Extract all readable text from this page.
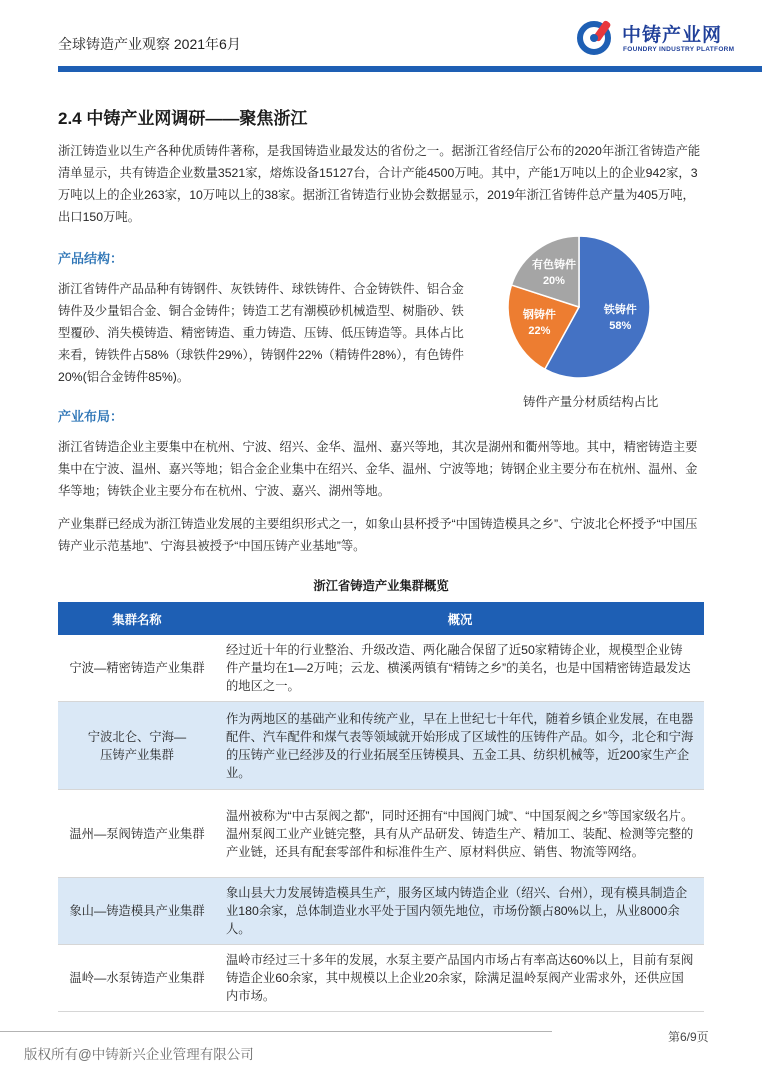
全球铸造产业观察 2021年6月	中铸产业网
FOUNDRY INDUSTRY PLATFORM
2.4 中铸产业网调研——聚焦浙江

浙江铸造业以生产各种优质铸件著称，是我国铸造业最发达的省份之一。据浙江省经信厅公布的2020年浙江省铸造产能清单显示，共有铸造企业数量3521家，熔炼设备15127台，合计产能4500万吨。其中，产能1万吨以上的企业942家，3万吨以上的企业263家，10万吨以上的38家。据浙江省铸造行业协会数据显示，2019年浙江省铸件总产量为405万吨，出口150万吨。

产品结构：

浙江省铸件产品品种有铸钢件、灰铁铸件、球铁铸件、合金铸铁件、铝合金铸件及少量铝合金、铜合金铸件；铸造工艺有潮模砂机械造型、树脂砂、铁型覆砂、消失模铸造、精密铸造、重力铸造、压铸、低压铸造等。具体占比来看，铸铁件占58%（球铁件29%），铸钢件22%（精铸件28%），有色铸件20%(铝合金铸件85%)。

铁铸件
58%
钢铸件
22%
有色铸件
20%
铸件产量分材质结构占比
产业布局：

浙江省铸造企业主要集中在杭州、宁波、绍兴、金华、温州、嘉兴等地，其次是湖州和衢州等地。其中，精密铸造主要集中在宁波、温州、嘉兴等地；铝合金企业集中在绍兴、金华、温州、宁波等地；铸钢企业主要分布在杭州、温州、金华等地；铸铁企业主要分布在杭州、宁波、嘉兴、湖州等地。

产业集群已经成为浙江铸造业发展的主要组织形式之一，如象山县杯授予“中国铸造模具之乡”、宁波北仑杯授予“中国压铸产业示范基地”、宁海县被授予“中国压铸产业基地”等。

浙江省铸造产业集群概览
集群名称	概况
宁波—精密铸造产业集群	经过近十年的行业整治、升级改造、两化融合保留了近50家精铸企业，规模型企业铸件产量均在1—2万吨；云龙、横溪两镇有“精铸之乡”的美名，也是中国精密铸造最发达的地区之一。
宁波北仑、宁海—
压铸产业集群	作为两地区的基础产业和传统产业，早在上世纪七十年代，随着乡镇企业发展，在电器配件、汽车配件和煤气表等领域就开始形成了区域性的压铸件产品。如今，北仑和宁海的压铸产业已经涉及的行业拓展至压铸模具、五金工具、纺织机械等，近200家生产企业。
温州—泵阀铸造产业集群	温州被称为“中古泵阀之都”，同时还拥有“中国阀门城”、“中国泵阀之乡”等国家级名片。温州泵阀工业产业链完整，具有从产品研发、铸造生产、精加工、装配、检测等完整的产业链，还具有配套零部件和标准件生产、原材料供应、销售、物流等网络。
象山—铸造模具产业集群	象山县大力发展铸造模具生产，服务区域内铸造企业（绍兴、台州），现有模具制造企业180余家，总体制造业水平处于国内领先地位，市场份额占80%以上，从业8000余人。
温岭—水泵铸造产业集群	温岭市经过三十多年的发展，水泵主要产品国内市场占有率高达60%以上，目前有泵阀铸造企业60余家，其中规模以上企业20余家，除满足温岭泵阀产业需求外，还供应国内市场。
第6/9页
版权所有@中铸新兴企业管理有限公司
